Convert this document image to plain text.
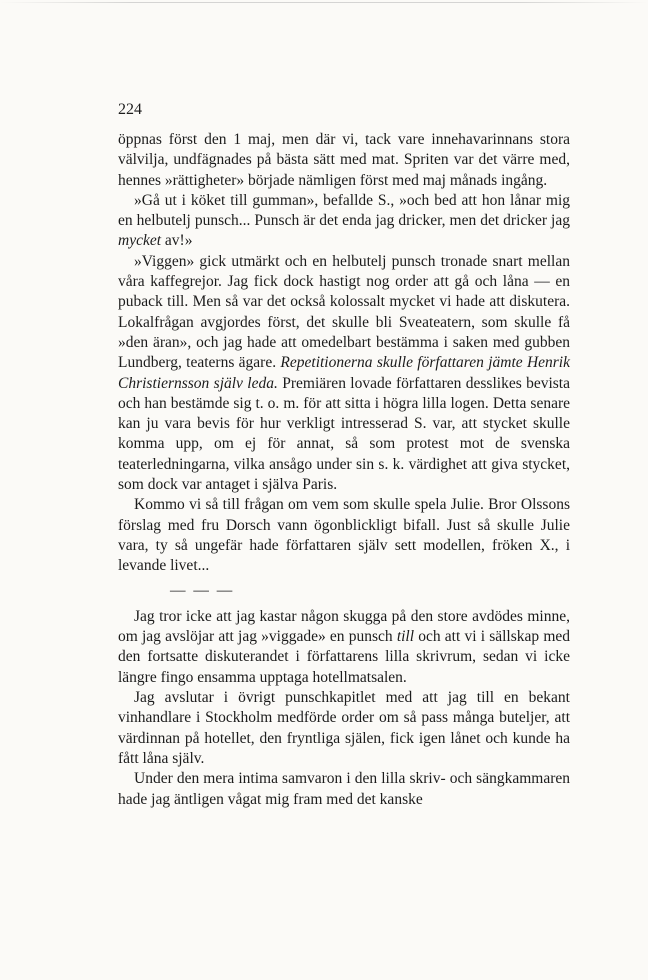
224

öppnas först den 1 maj, men där vi, tack vare innehavarinnans stora välvilja, undfägnades på bästa sätt med mat. Spriten var det värre med, hennes »rättigheter» började nämligen först med maj månads ingång.

»Gå ut i köket till gumman», befallde S., »och bed att hon lånar mig en helbutelj punsch... Punsch är det enda jag dricker, men det dricker jag mycket av!»

»Viggen» gick utmärkt och en helbutelj punsch tronade snart mellan våra kaffegrejor. Jag fick dock hastigt nog order att gå och låna — en puback till. Men så var det också kolossalt mycket vi hade att diskutera. Lokalfrågan avgjordes först, det skulle bli Sveateatern, som skulle få »den äran», och jag hade att omedelbart bestämma i saken med gubben Lundberg, teaterns ägare. Repetitionerna skulle författaren jämte Henrik Christiernsson själv leda. Premiären lovade författaren desslikes bevista och han bestämde sig t. o. m. för att sitta i högra lilla logen. Detta senare kan ju vara bevis för hur verkligt intresserad S. var, att stycket skulle komma upp, om ej för annat, så som protest mot de svenska teaterledningarna, vilka ansågo under sin s. k. värdighet att giva stycket, som dock var antaget i själva Paris.

Kommo vi så till frågan om vem som skulle spela Julie. Bror Olssons förslag med fru Dorsch vann ögonblickligt bifall. Just så skulle Julie vara, ty så ungefär hade författaren själv sett modellen, fröken X., i levande livet...

— — —

Jag tror icke att jag kastar någon skugga på den store avdödes minne, om jag avslöjar att jag »viggade» en punsch till och att vi i sällskap med den fortsatte diskuterandet i författarens lilla skrivrum, sedan vi icke längre fingo ensamma upptaga hotellmatsalen.

Jag avslutar i övrigt punschkapitlet med att jag till en bekant vinhandlare i Stockholm medförde order om så pass många buteljer, att värdinnan på hotellet, den fryntliga själen, fick igen lånet och kunde ha fått låna själv.

Under den mera intima samvaron i den lilla skriv- och sängkammaren hade jag äntligen vågat mig fram med det kanske
